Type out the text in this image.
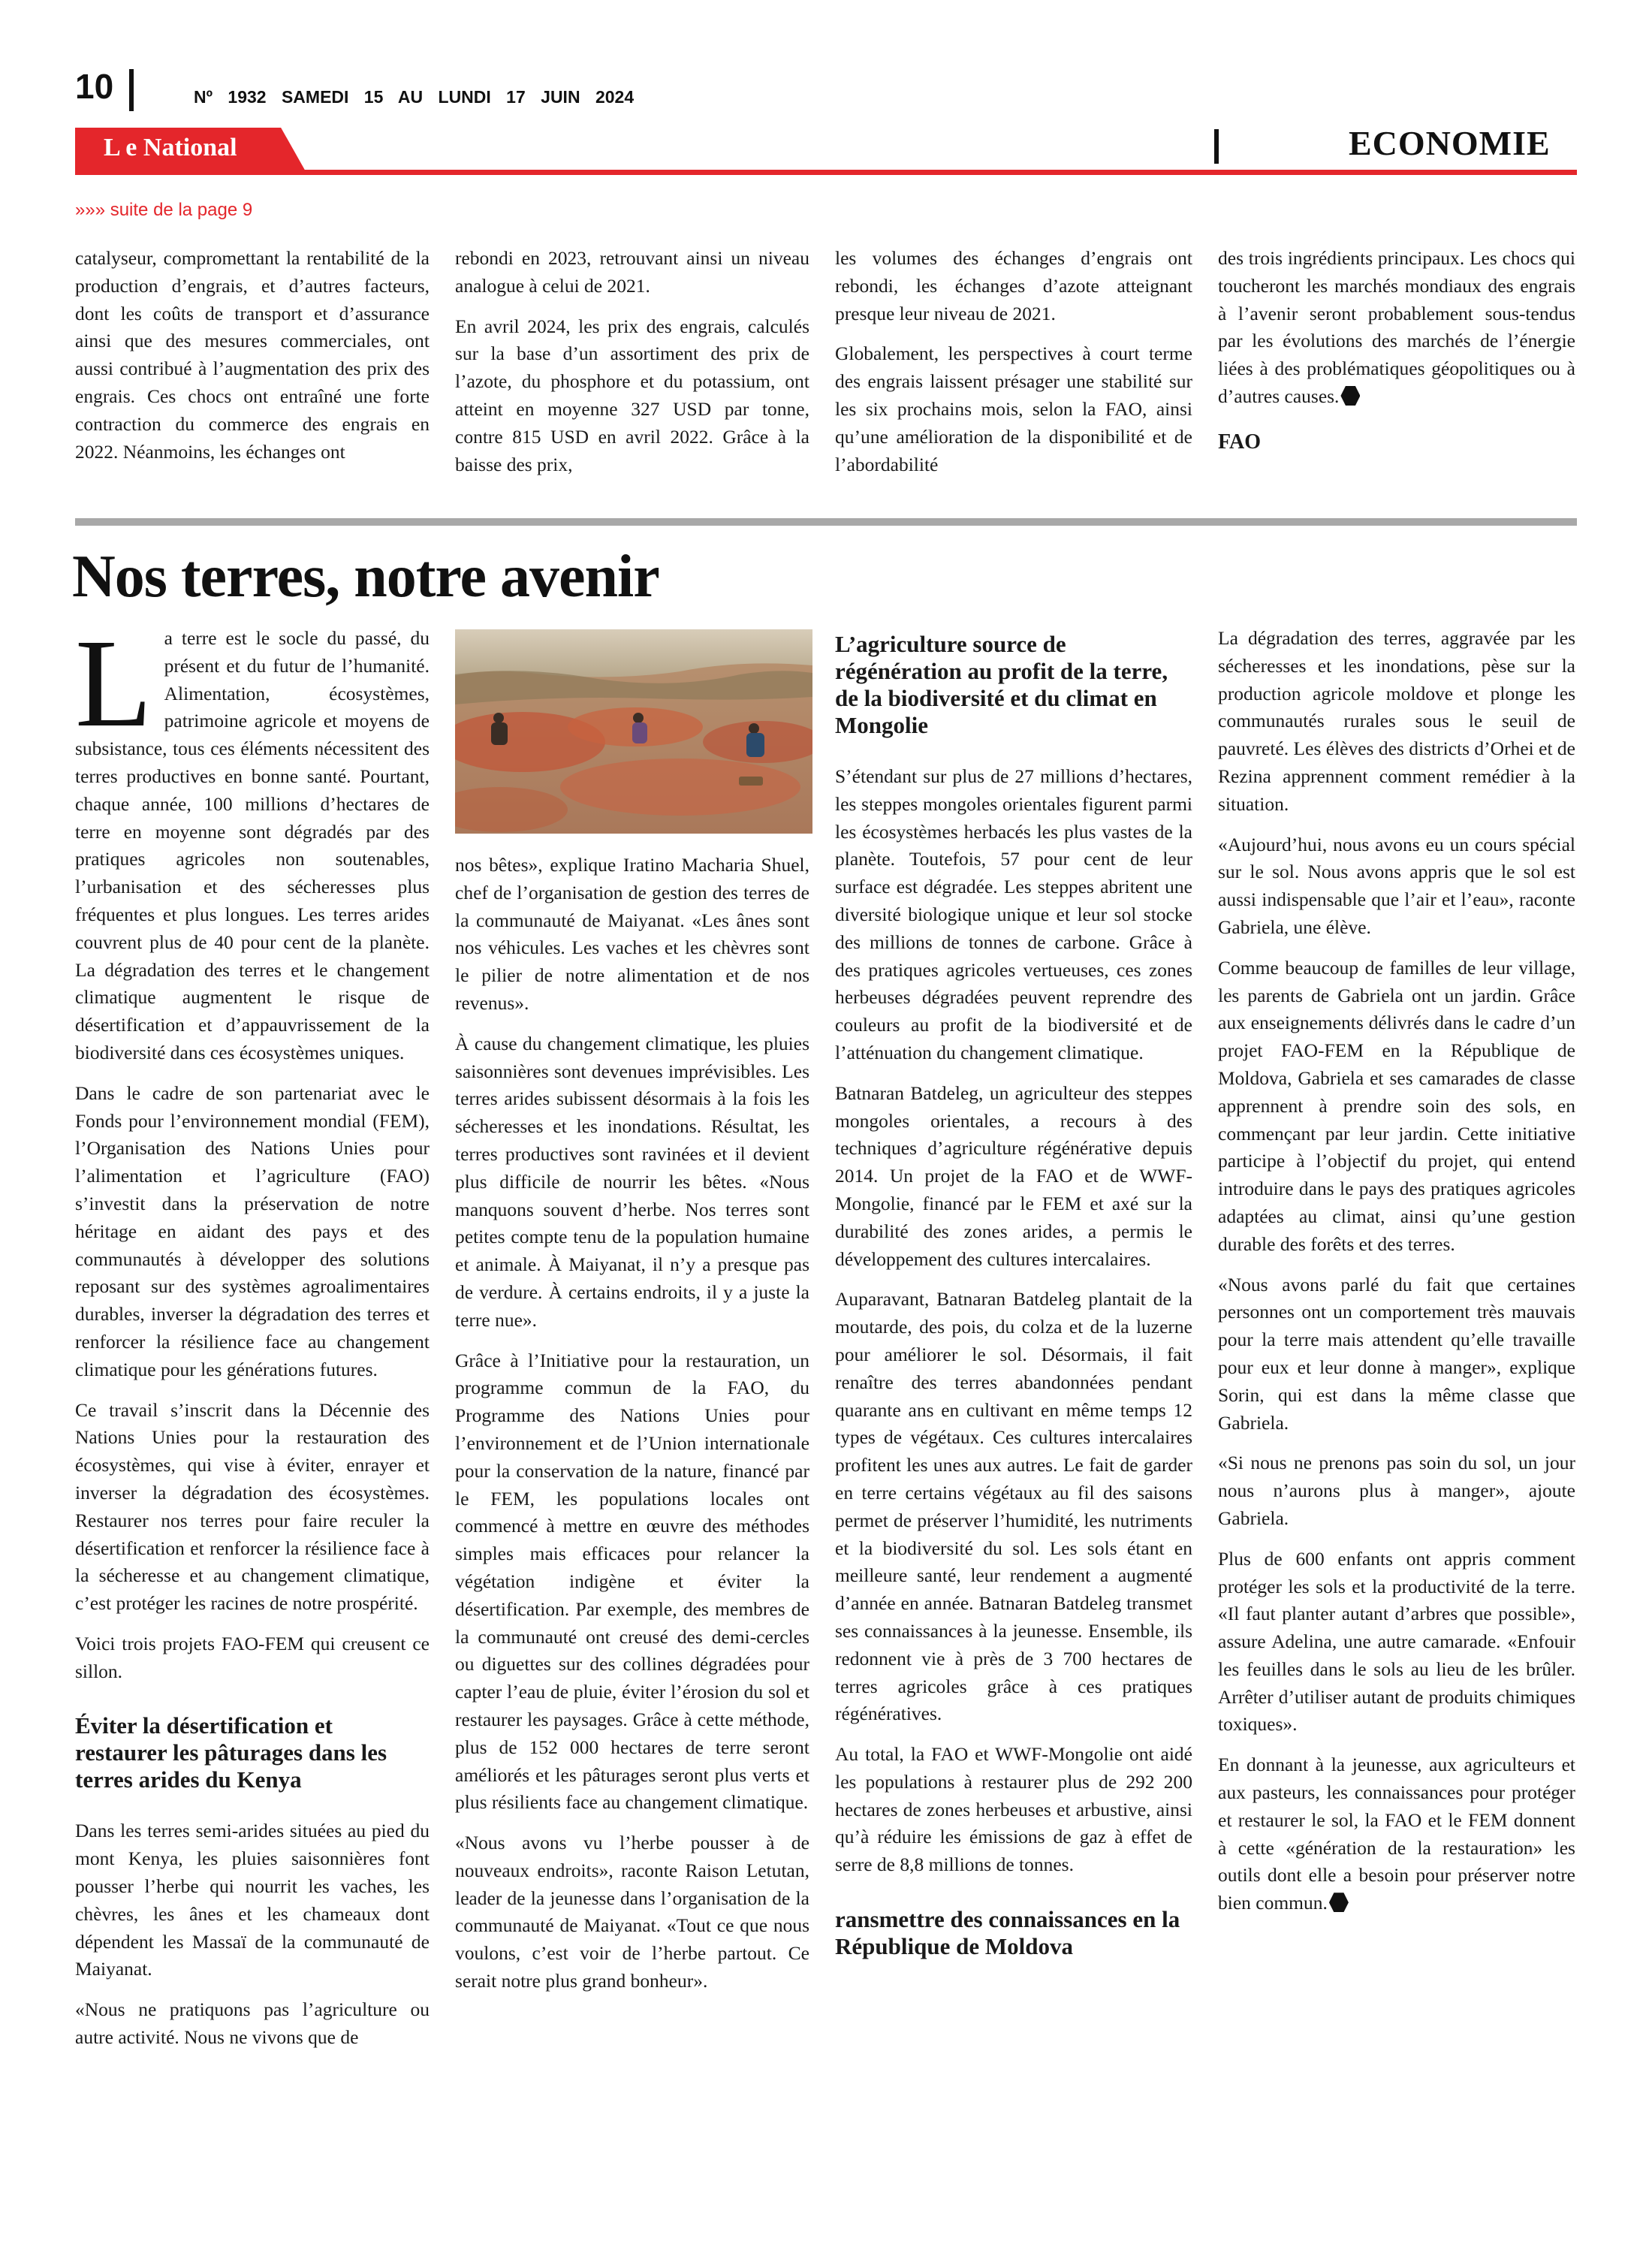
10	Nº 1932 SAMEDI 15 AU LUNDI 17 JUIN 2024
L e National	ECONOMIE
»»» suite de la page 9

catalyseur, compromettant la rentabilité de la production d’engrais, et d’autres facteurs, dont les coûts de transport et d’assurance ainsi que des mesures commerciales, ont aussi contribué à l’augmentation des prix des engrais. Ces chocs ont entraîné une forte contraction du commerce des engrais en 2022. Néanmoins, les échanges ont

rebondi en 2023, retrouvant ainsi un niveau analogue à celui de 2021.

En avril 2024, les prix des engrais, calculés sur la base d’un assortiment des prix de l’azote, du phosphore et du potassium, ont atteint en moyenne 327 USD par tonne, contre 815 USD en avril 2022. Grâce à la baisse des prix,

les volumes des échanges d’engrais ont rebondi, les échanges d’azote atteignant presque leur niveau de 2021.

Globalement, les perspectives à court terme des engrais laissent présager une stabilité sur les six prochains mois, selon la FAO, ainsi qu’une amélioration de la disponibilité et de l’abordabilité

des trois ingrédients principaux. Les chocs qui toucheront les marchés mondiaux des engrais à l’avenir seront probablement sous-tendus par les évolutions des marchés de l’énergie liées à des problématiques géopolitiques ou à d’autres causes.

FAO

Nos terres, notre avenir

La terre est le socle du passé, du présent et du futur de l’humanité. Alimentation, écosystèmes, patrimoine agricole et moyens de subsistance, tous ces éléments nécessitent des terres productives en bonne santé. Pourtant, chaque année, 100 millions d’hectares de terre en moyenne sont dégradés par des pratiques agricoles non soutenables, l’urbanisation et des sécheresses plus fréquentes et plus longues. Les terres arides couvrent plus de 40 pour cent de la planète. La dégradation des terres et le changement climatique augmentent le risque de désertification et d’appauvrissement de la biodiversité dans ces écosystèmes uniques.

Dans le cadre de son partenariat avec le Fonds pour l’environnement mondial (FEM), l’Organisation des Nations Unies pour l’alimentation et l’agriculture (FAO) s’investit dans la préservation de notre héritage en aidant des pays et des communautés à développer des solutions reposant sur des systèmes agroalimentaires durables, inverser la dégradation des terres et renforcer la résilience face au changement climatique pour les générations futures.

Ce travail s’inscrit dans la Décennie des Nations Unies pour la restauration des écosystèmes, qui vise à éviter, enrayer et inverser la dégradation des écosystèmes. Restaurer nos terres pour faire reculer la désertification et renforcer la résilience face à la sécheresse et au changement climatique, c’est protéger les racines de notre prospérité.

Voici trois projets FAO-FEM qui creusent ce sillon.

Éviter la désertification et restaurer les pâturages dans les terres arides du Kenya

Dans les terres semi-arides situées au pied du mont Kenya, les pluies saisonnières font pousser l’herbe qui nourrit les vaches, les chèvres, les ânes et les chameaux dont dépendent les Massaï de la communauté de Maiyanat.

«Nous ne pratiquons pas l’agriculture ou autre activité. Nous ne vivons que de

nos bêtes», explique Iratino Macharia Shuel, chef de l’organisation de gestion des terres de la communauté de Maiyanat. «Les ânes sont nos véhicules. Les vaches et les chèvres sont le pilier de notre alimentation et de nos revenus».

À cause du changement climatique, les pluies saisonnières sont devenues imprévisibles. Les terres arides subissent désormais à la fois les sécheresses et les inondations. Résultat, les terres productives sont ravinées et il devient plus difficile de nourrir les bêtes. «Nous manquons souvent d’herbe. Nos terres sont petites compte tenu de la population humaine et animale. À Maiyanat, il n’y a presque pas de verdure. À certains endroits, il y a juste la terre nue».

Grâce à l’Initiative pour la restauration, un programme commun de la FAO, du Programme des Nations Unies pour l’environnement et de l’Union internationale pour la conservation de la nature, financé par le FEM, les populations locales ont commencé à mettre en œuvre des méthodes simples mais efficaces pour relancer la végétation indigène et éviter la désertification. Par exemple, des membres de la communauté ont creusé des demi-cercles ou diguettes sur des collines dégradées pour capter l’eau de pluie, éviter l’érosion du sol et restaurer les paysages. Grâce à cette méthode, plus de 152 000 hectares de terre seront améliorés et les pâturages seront plus verts et plus résilients face au changement climatique.

«Nous avons vu l’herbe pousser à de nouveaux endroits», raconte Raison Letutan, leader de la jeunesse dans l’organisation de la communauté de Maiyanat. «Tout ce que nous voulons, c’est voir de l’herbe partout. Ce serait notre plus grand bonheur».

L’agriculture source de régénération au profit de la terre, de la biodiversité et du climat en Mongolie

S’étendant sur plus de 27 millions d’hectares, les steppes mongoles orientales figurent parmi les écosystèmes herbacés les plus vastes de la planète. Toutefois, 57 pour cent de leur surface est dégradée. Les steppes abritent une diversité biologique unique et leur sol stocke des millions de tonnes de carbone. Grâce à des pratiques agricoles vertueuses, ces zones herbeuses dégradées peuvent reprendre des couleurs au profit de la biodiversité et de l’atténuation du changement climatique.

Batnaran Batdeleg, un agriculteur des steppes mongoles orientales, a recours à des techniques d’agriculture régénérative depuis 2014. Un projet de la FAO et de WWF-Mongolie, financé par le FEM et axé sur la durabilité des zones arides, a permis le développement des cultures intercalaires.

Auparavant, Batnaran Batdeleg plantait de la moutarde, des pois, du colza et de la luzerne pour améliorer le sol. Désormais, il fait renaître des terres abandonnées pendant quarante ans en cultivant en même temps 12 types de végétaux. Ces cultures intercalaires profitent les unes aux autres. Le fait de garder en terre certains végétaux au fil des saisons permet de préserver l’humidité, les nutriments et la biodiversité du sol. Les sols étant en meilleure santé, leur rendement a augmenté d’année en année. Batnaran Batdeleg transmet ses connaissances à la jeunesse. Ensemble, ils redonnent vie à près de 3 700 hectares de terres agricoles grâce à ces pratiques régénératives.

Au total, la FAO et WWF-Mongolie ont aidé les populations à restaurer plus de 292 200 hectares de zones herbeuses et arbustive, ainsi qu’à réduire les émissions de gaz à effet de serre de 8,8 millions de tonnes.

ransmettre des connaissances en la République de Moldova

La dégradation des terres, aggravée par les sécheresses et les inondations, pèse sur la production agricole moldove et plonge les communautés rurales sous le seuil de pauvreté. Les élèves des districts d’Orhei et de Rezina apprennent comment remédier à la situation.

«Aujourd’hui, nous avons eu un cours spécial sur le sol. Nous avons appris que le sol est aussi indispensable que l’air et l’eau», raconte Gabriela, une élève.

Comme beaucoup de familles de leur village, les parents de Gabriela ont un jardin. Grâce aux enseignements délivrés dans le cadre d’un projet FAO-FEM en la République de Moldova, Gabriela et ses camarades de classe apprennent à prendre soin des sols, en commençant par leur jardin. Cette initiative participe à l’objectif du projet, qui entend introduire dans le pays des pratiques agricoles adaptées au climat, ainsi qu’une gestion durable des forêts et des terres.

«Nous avons parlé du fait que certaines personnes ont un comportement très mauvais pour la terre mais attendent qu’elle travaille pour eux et leur donne à manger», explique Sorin, qui est dans la même classe que Gabriela.

«Si nous ne prenons pas soin du sol, un jour nous n’aurons plus à manger», ajoute Gabriela.

Plus de 600 enfants ont appris comment protéger les sols et la productivité de la terre. «Il faut planter autant d’arbres que possible», assure Adelina, une autre camarade. «Enfouir les feuilles dans le sols au lieu de les brûler. Arrêter d’utiliser autant de produits chimiques toxiques».

En donnant à la jeunesse, aux agriculteurs et aux pasteurs, les connaissances pour protéger et restaurer le sol, la FAO et le FEM donnent à cette «génération de la restauration» les outils dont elle a besoin pour préserver notre bien commun.
